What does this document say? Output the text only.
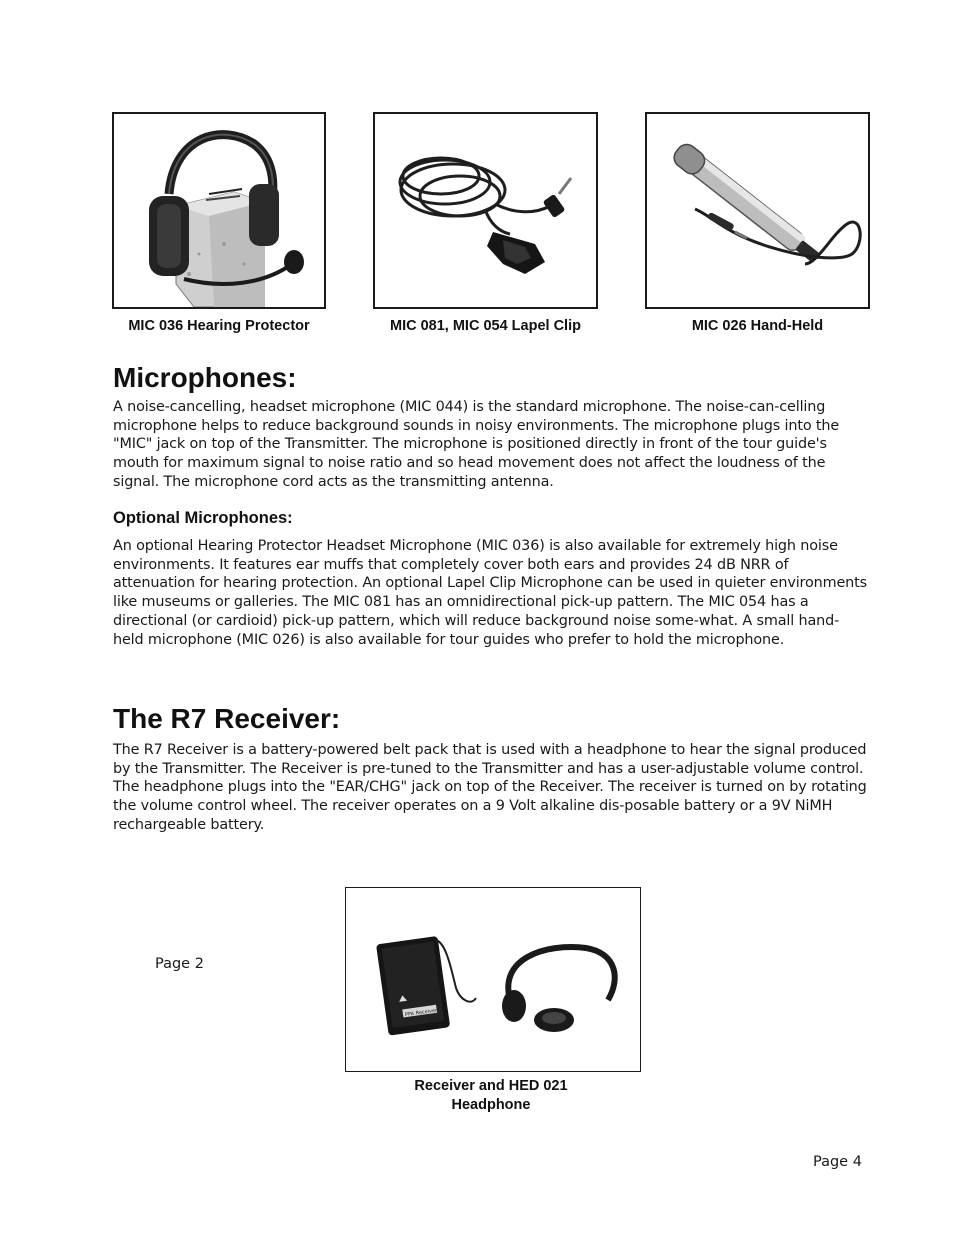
MIC 036 Hearing Protector	MIC 081, MIC 054 Lapel Clip	MIC 026 Hand-Held
Microphones:

A noise-cancelling, headset microphone (MIC 044) is the standard microphone. The noise-can-celling microphone helps to reduce background sounds in noisy environments. The microphone plugs into the "MIC" jack on top of the Transmitter. The microphone is positioned directly in front of the tour guide's mouth for maximum signal to noise ratio and so head movement does not affect the loudness of the signal. The microphone cord acts as the transmitting antenna.

Optional Microphones:

An optional Hearing Protector Headset Microphone (MIC 036) is also available for extremely high noise environments. It features ear muffs that completely cover both ears and provides 24 dB NRR of attenuation for hearing protection. An optional Lapel Clip Microphone can be used in quieter environments like museums or galleries. The MIC 081 has an omnidirectional pick-up pattern. The MIC 054 has a directional (or cardioid) pick-up pattern, which will reduce background noise some-what. A small hand-held microphone (MIC 026) is also available for tour guides who prefer to hold the microphone.

The R7 Receiver:

The R7 Receiver is a battery-powered belt pack that is used with a headphone to hear the signal produced by the Transmitter. The Receiver is pre-tuned to the Transmitter and has a user-adjustable volume control. The headphone plugs into the "EAR/CHG" jack on top of the Receiver. The receiver is turned on by rotating the volume control wheel. The receiver operates on a 9 Volt alkaline dis-posable battery or a 9V NiMH rechargeable battery.

Page 2
PPA Receiver
Receiver and HED 021
Headphone
Page 4
